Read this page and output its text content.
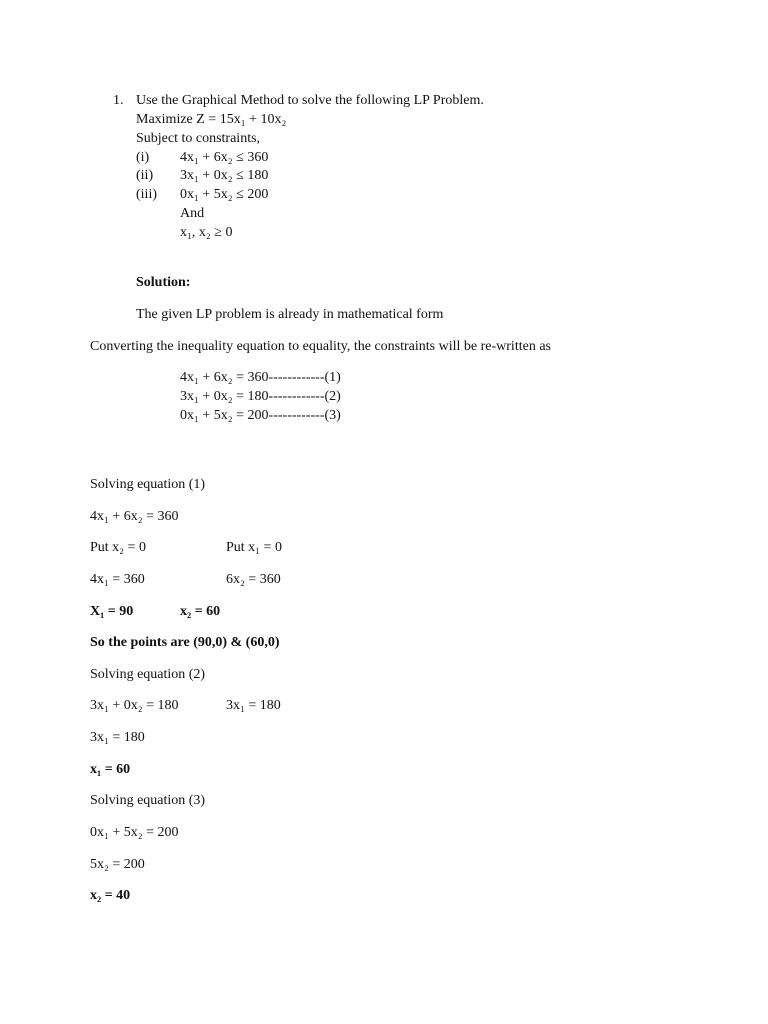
1. Use the Graphical Method to solve the following LP Problem.
Maximize Z = 15x₁ + 10x₂
Subject to constraints,
(i) 4x₁ + 6x₂ ≤ 360
(ii) 3x₁ + 0x₂ ≤ 180
(iii) 0x₁ + 5x₂ ≤ 200
And
x₁, x₂ ≥ 0
Solution:
The given LP problem is already in mathematical form
Converting the inequality equation to equality, the constraints will be re-written as
4x₁ + 6x₂ = 360------------(1)
3x₁ + 0x₂ = 180------------(2)
0x₁ + 5x₂ = 200------------(3)
Solving equation (1)
4x₁ + 6x₂ = 360
Put x₂ = 0	Put x₁ = 0
4x₁ = 360	6x₂ = 360
X₁ = 90	x₂ = 60
So the points are (90,0) & (60,0)
Solving equation (2)
3x₁ + 0x₂ = 180	3x₁ = 180
3x₁ = 180
x₁ = 60
Solving equation (3)
0x₁ + 5x₂ = 200
5x₂ = 200
x₂ = 40
